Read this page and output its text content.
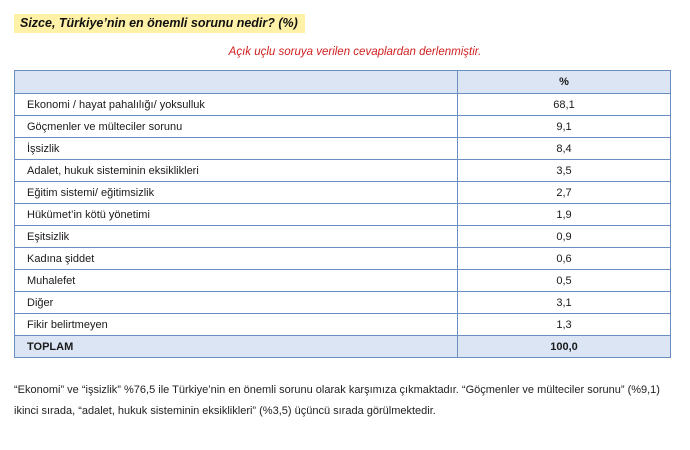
Sizce, Türkiye’nin en önemli sorunu nedir? (%)
Açık uçlu soruya verilen cevaplardan derlenmiştir.
	%
Ekonomi / hayat pahalılığı/ yoksulluk	68,1
Göçmenler ve mülteciler sorunu	9,1
İşsizlik	8,4
Adalet, hukuk sisteminin eksiklikleri	3,5
Eğitim sistemi/ eğitimsizlik	2,7
Hükümet’in kötü yönetimi	1,9
Eşitsizlik	0,9
Kadına şiddet	0,6
Muhalefet	0,5
Diğer	3,1
Fikir belirtmeyen	1,3
TOPLAM	100,0
“Ekonomi” ve “işsizlik” %76,5 ile Türkiye’nin en önemli sorunu olarak karşımıza çıkmaktadır. “Göçmenler ve mülteciler sorunu” (%9,1) ikinci sırada, “adalet, hukuk sisteminin eksiklikleri” (%3,5) üçüncü sırada görülmektedir.
